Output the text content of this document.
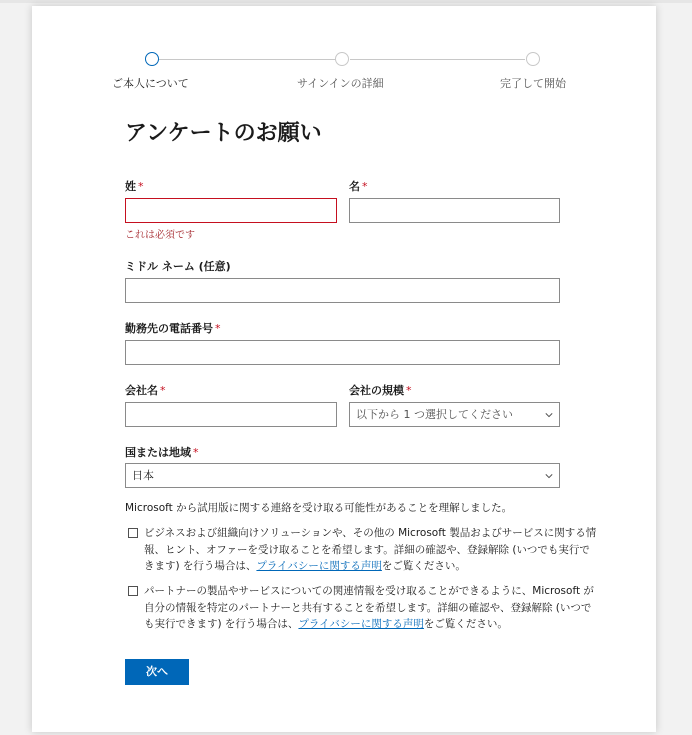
ご本人について	サインインの詳細	完了して開始
アンケートのお願い
姓 *
これは必須です
名 *
ミドル ネーム (任意)
勤務先の電話番号 *
会社名 *	会社の規模 *
以下から 1 つ選択してください
国または地域 *
日本
Microsoft から試用版に関する連絡を受け取る可能性があることを理解しました。
ビジネスおよび組織向けソリューションや、その他の Microsoft 製品およびサービスに関する情報、ヒント、オファーを受け取ることを希望します。詳細の確認や、登録解除 (いつでも実行できます) を行う場合は、プライバシーに関する声明をご覧ください。
パートナーの製品やサービスについての関連情報を受け取ることができるように、Microsoft が自分の情報を特定のパートナーと共有することを希望します。詳細の確認や、登録解除 (いつでも実行できます) を行う場合は、プライバシーに関する声明をご覧ください。
次へ
